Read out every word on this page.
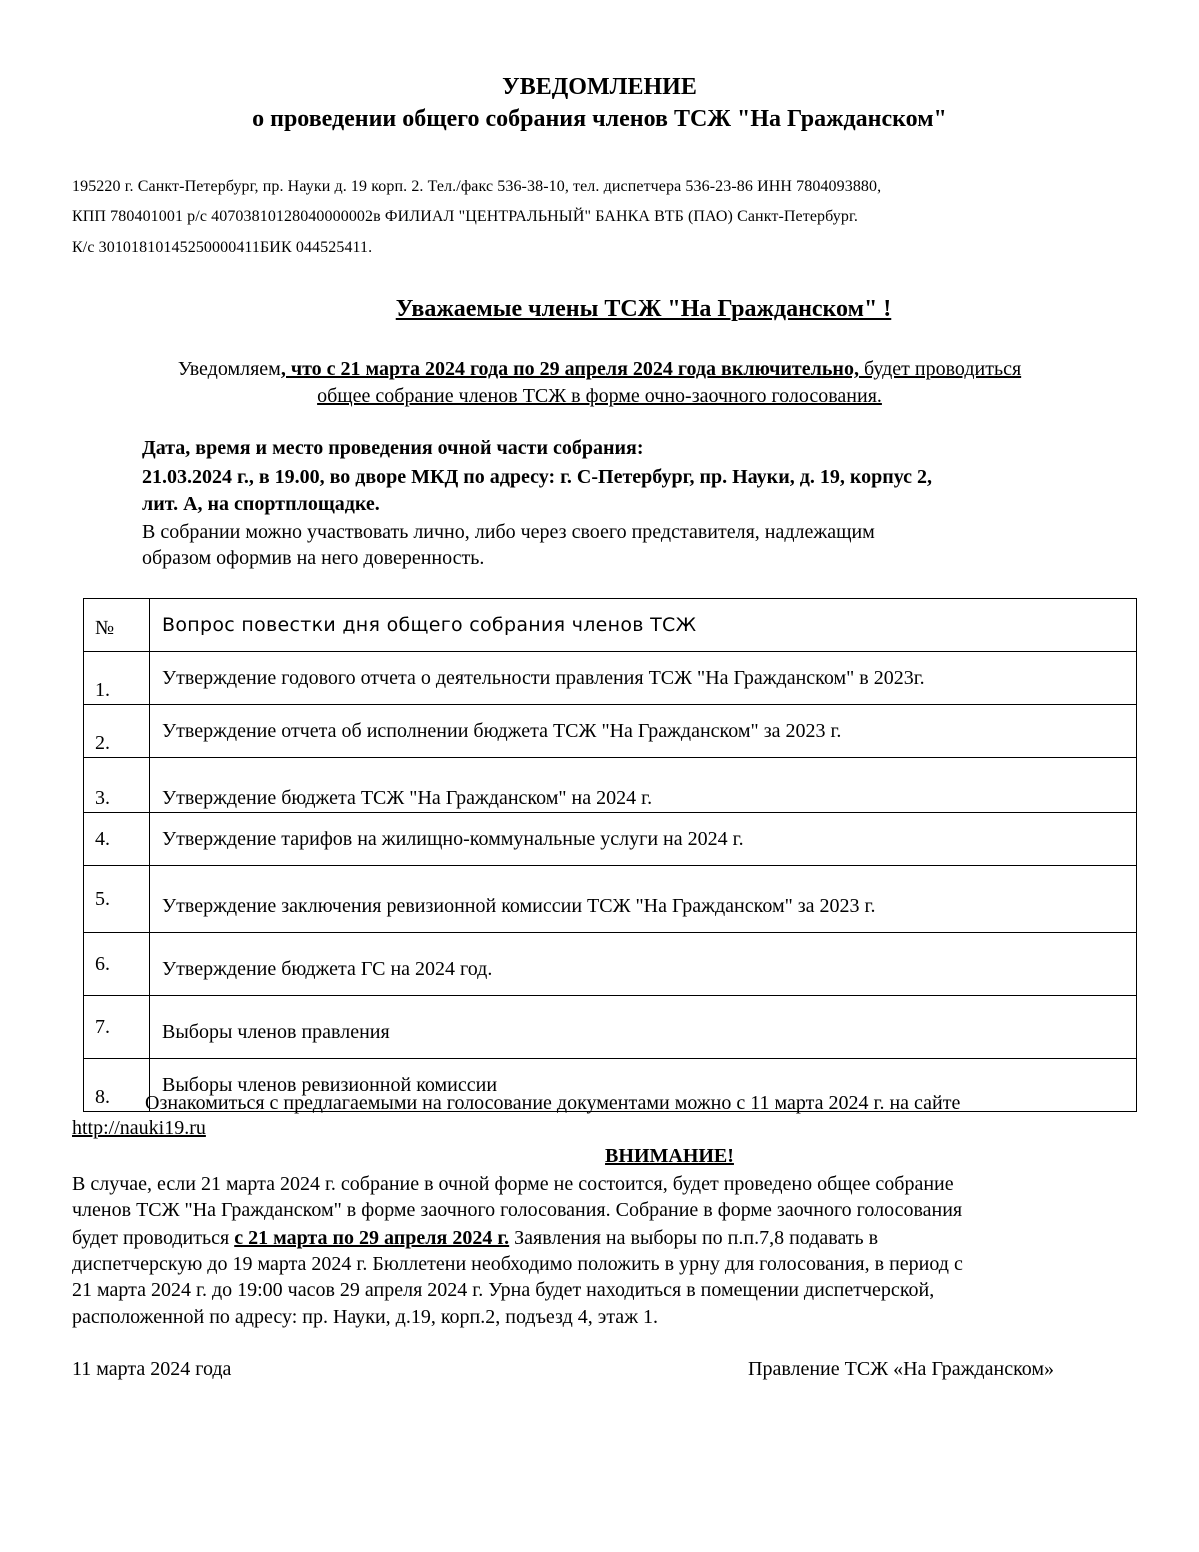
УВЕДОМЛЕНИЕ
о проведении общего собрания членов ТСЖ "На Гражданском"
195220 г. Санкт-Петербург, пр. Науки д. 19 корп. 2. Тел./факс 536-38-10, тел. диспетчера 536-23-86 ИНН 7804093880,
КПП 780401001 р/с 40703810128040000002в ФИЛИАЛ "ЦЕНТРАЛЬНЫЙ" БАНКА ВТБ (ПАО) Санкт-Петербург.
К/с 30101810145250000411БИК 044525411.
Уважаемые члены ТСЖ "На Гражданском" !
Уведомляем, что с 21 марта 2024 года по 29 апреля 2024 года включительно, будет проводиться
общее собрание членов ТСЖ в форме очно-заочного голосования.
Дата, время и место проведения очной части собрания:
21.03.2024 г., в 19.00, во дворе МКД по адресу: г. С-Петербург, пр. Науки, д. 19, корпус 2,
лит. А, на спортплощадке.
В собрании можно участвовать лично, либо через своего представителя, надлежащим
образом оформив на него доверенность.
№	Вопрос повестки дня общего собрания членов ТСЖ
1.	Утверждение годового отчета о деятельности правления ТСЖ "На Гражданском" в 2023г.
2.	Утверждение отчета об исполнении бюджета ТСЖ "На Гражданском" за 2023 г.
3.	Утверждение бюджета ТСЖ "На Гражданском" на 2024 г.
4.	Утверждение тарифов на жилищно-коммунальные услуги на 2024 г.
5.	Утверждение заключения ревизионной комиссии ТСЖ "На Гражданском" за 2023 г.
6.	Утверждение бюджета ГС на 2024 год.
7.	Выборы членов правления
8.	Выборы членов ревизионной комиссии
Ознакомиться с предлагаемыми на голосование документами можно с 11 марта 2024 г. на сайте
http://nauki19.ru
ВНИМАНИЕ!
В случае, если 21 марта 2024 г. собрание в очной форме не состоится, будет проведено общее собрание
членов ТСЖ "На Гражданском" в форме заочного голосования. Собрание в форме заочного голосования
будет проводиться с 21 марта по 29 апреля 2024 г. Заявления на выборы по п.п.7,8 подавать в
диспетчерскую до 19 марта 2024 г. Бюллетени необходимо положить в урну для голосования, в период с
21 марта 2024 г. до 19:00 часов 29 апреля 2024 г. Урна будет находиться в помещении диспетчерской,
расположенной по адресу: пр. Науки, д.19, корп.2, подъезд 4, этаж 1.
11 марта 2024 года	Правление ТСЖ «На Гражданском»
